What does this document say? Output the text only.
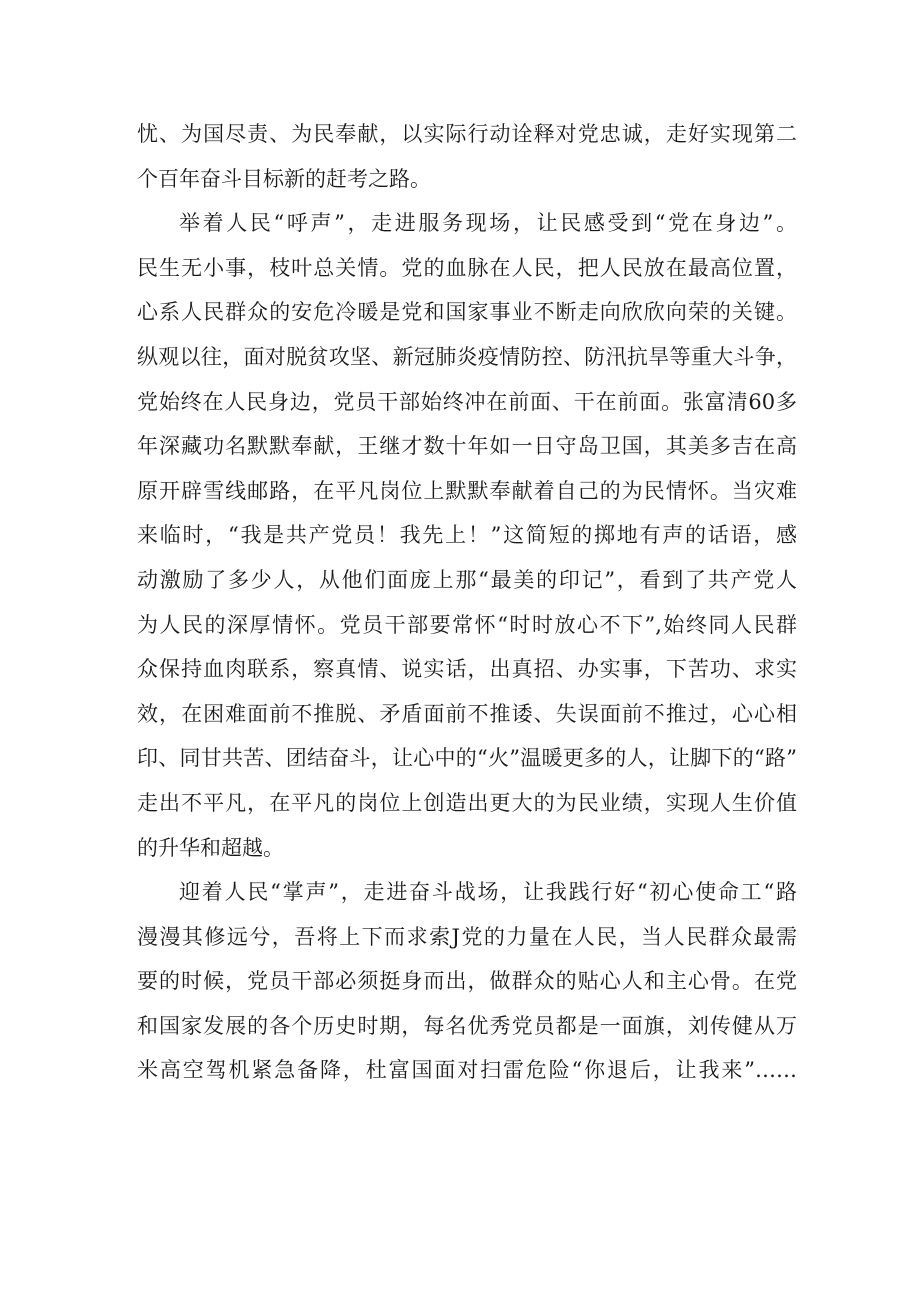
忧、为国尽责、为民奉献，以实际行动诠释对党忠诚，走好实现第二
个百年奋斗目标新的赶考之路。
举着人民“呼声”，走进服务现场，让民感受到“党在身边”。
民生无小事，枝叶总关情。党的血脉在人民，把人民放在最高位置，
心系人民群众的安危冷暖是党和国家事业不断走向欣欣向荣的关键。
纵观以往，面对脱贫攻坚、新冠肺炎疫情防控、防汛抗旱等重大斗争，
党始终在人民身边，党员干部始终冲在前面、干在前面。张富清60多
年深藏功名默默奉献，王继才数十年如一日守岛卫国，其美多吉在高
原开辟雪线邮路，在平凡岗位上默默奉献着自己的为民情怀。当灾难
来临时，“我是共产党员！我先上！”这简短的掷地有声的话语，感
动激励了多少人，从他们面庞上那“最美的印记”，看到了共产党人
为人民的深厚情怀。党员干部要常怀“时时放心不下”,始终同人民群
众保持血肉联系，察真情、说实话，出真招、办实事，下苦功、求实
效，在困难面前不推脱、矛盾面前不推诿、失误面前不推过，心心相
印、同甘共苦、团结奋斗，让心中的“火”温暖更多的人，让脚下的“路”
走出不平凡，在平凡的岗位上创造出更大的为民业绩，实现人生价值
的升华和超越。
迎着人民“掌声”，走进奋斗战场，让我践行好“初心使命工“路
漫漫其修远兮，吾将上下而求索J党的力量在人民，当人民群众最需
要的时候，党员干部必须挺身而出，做群众的贴心人和主心骨。在党
和国家发展的各个历史时期，每名优秀党员都是一面旗，刘传健从万
米高空驾机紧急备降，杜富国面对扫雷危险“你退后，让我来”……
